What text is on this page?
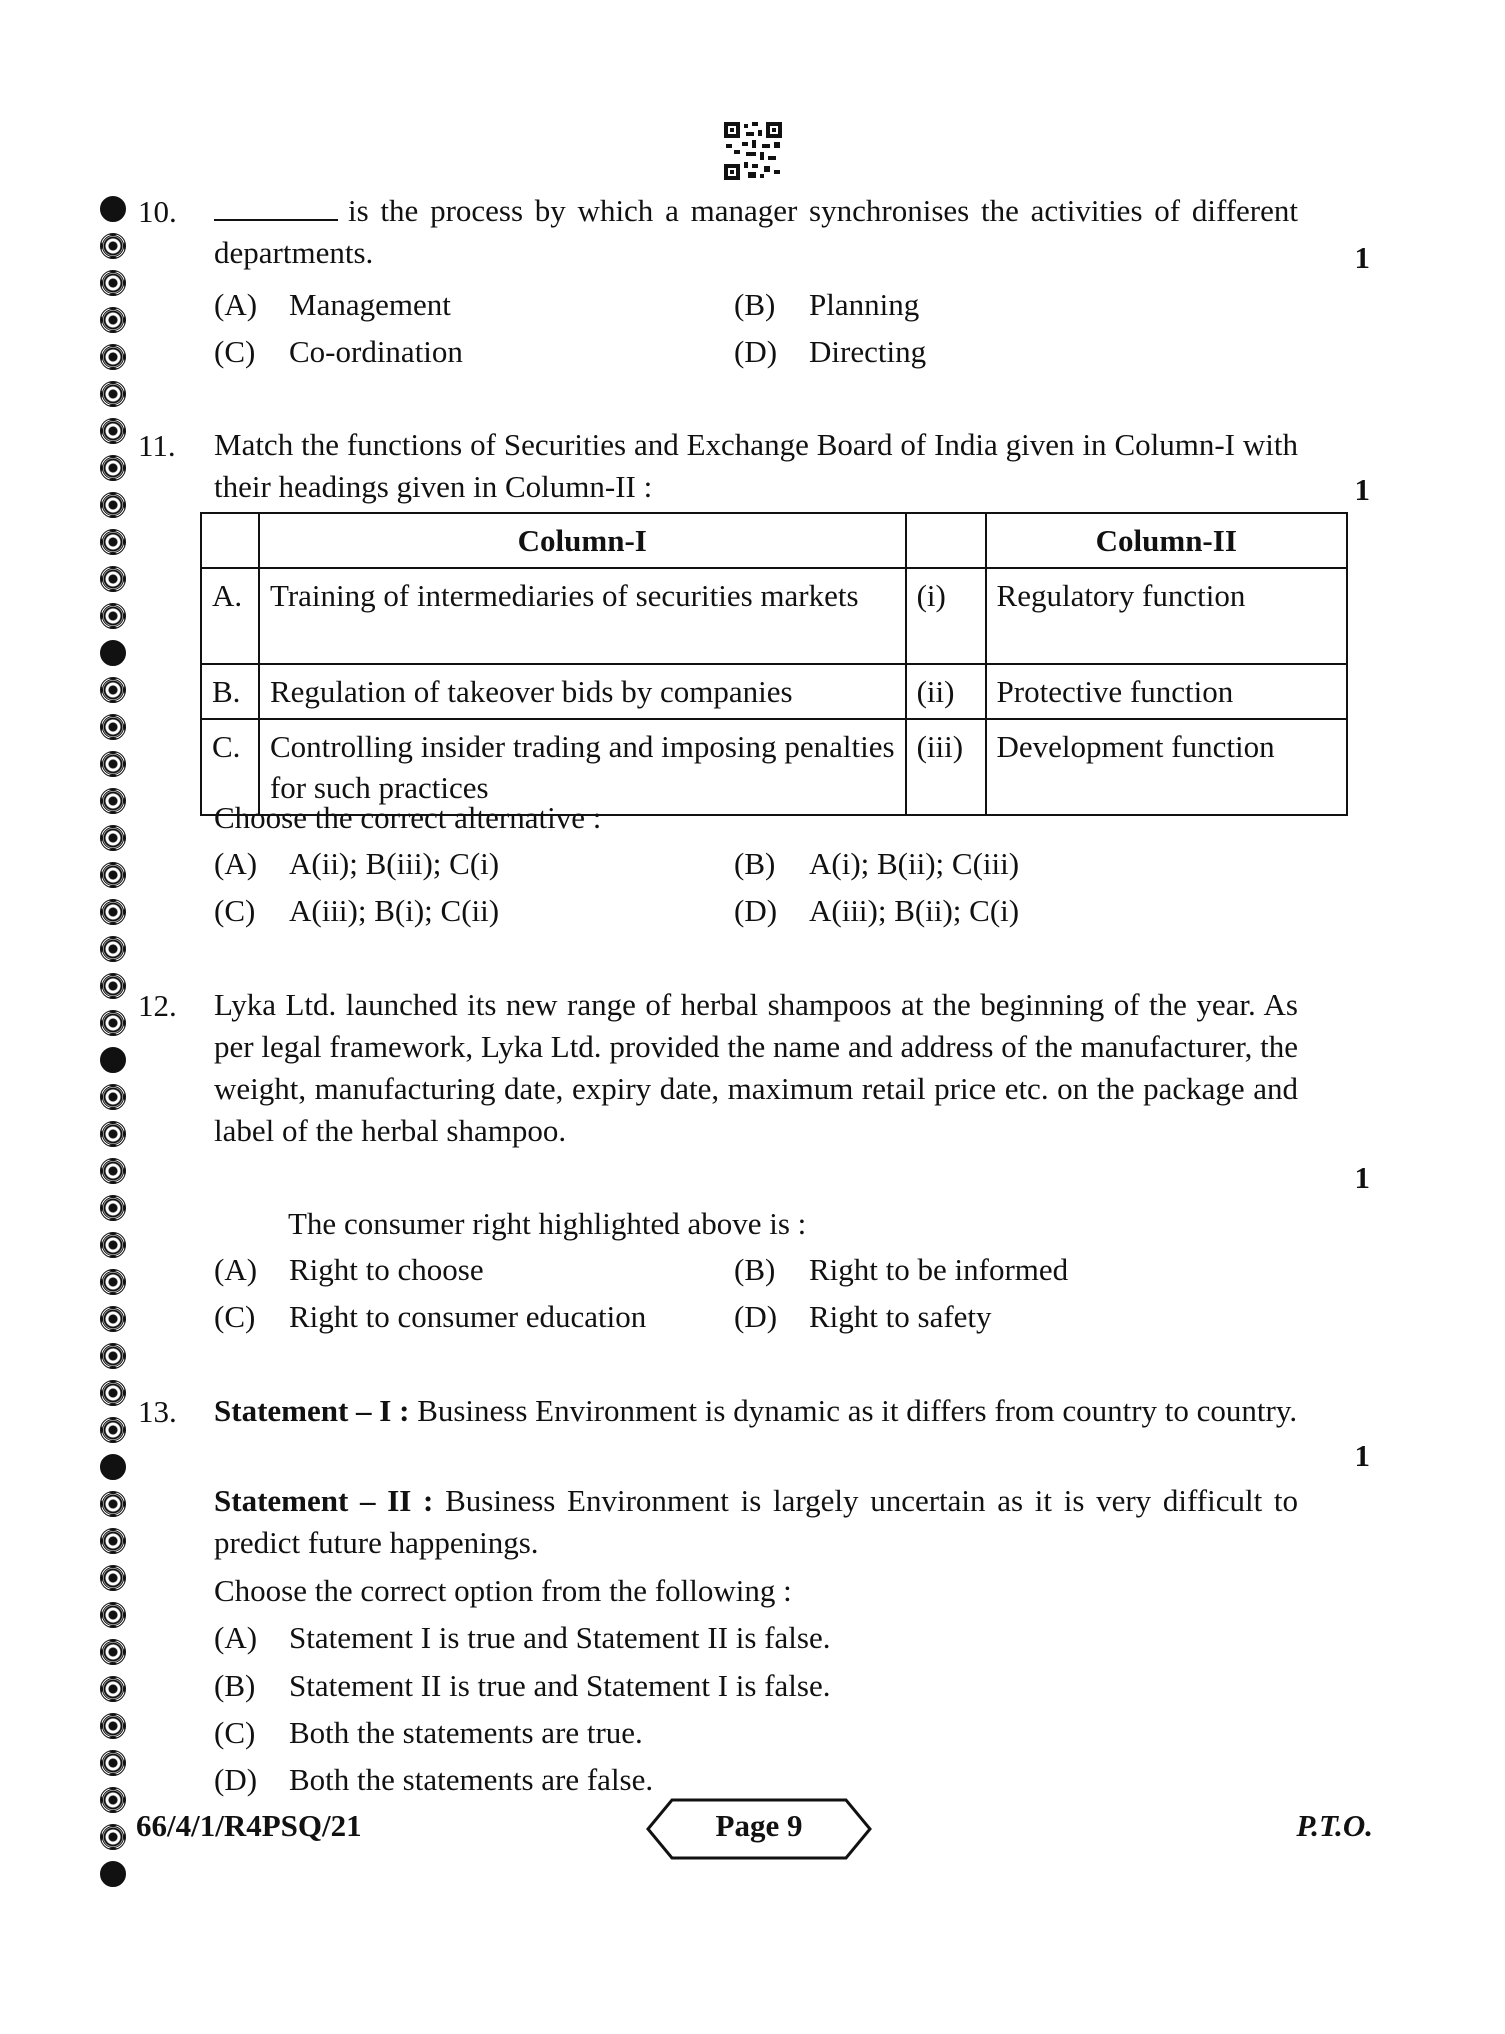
10.	is the process by which a manager synchronises the activities of different departments.	1
(A) Management	(B) Planning
(C) Co-ordination	(D) Directing
11. Match the functions of Securities and Exchange Board of India given in Column-I with their headings given in Column-II :	1
	Column-I		Column-II
A.	Training of intermediaries of securities markets	(i)	Regulatory function
B.	Regulation of takeover bids by companies	(ii)	Protective function
C.	Controlling insider trading and imposing penalties for such practices	(iii)	Development function
Choose the correct alternative :
(A) A(ii); B(iii); C(i)	(B) A(i); B(ii); C(iii)
(C) A(iii); B(i); C(ii)	(D) A(iii); B(ii); C(i)
12. Lyka Ltd. launched its new range of herbal shampoos at the beginning of the year. As per legal framework, Lyka Ltd. provided the name and address of the manufacturer, the weight, manufacturing date, expiry date, maximum retail price etc. on the package and label of the herbal shampoo.
1
The consumer right highlighted above is :
(A) Right to choose	(B) Right to be informed
(C) Right to consumer education	(D) Right to safety
13. Statement – I : Business Environment is dynamic as it differs from country to country.
1
Statement – II : Business Environment is largely uncertain as it is very difficult to predict future happenings.
Choose the correct option from the following :
(A) Statement I is true and Statement II is false.
(B) Statement II is true and Statement I is false.
(C) Both the statements are true.
(D) Both the statements are false.
66/4/1/R4PSQ/21	Page 9	P.T.O.
